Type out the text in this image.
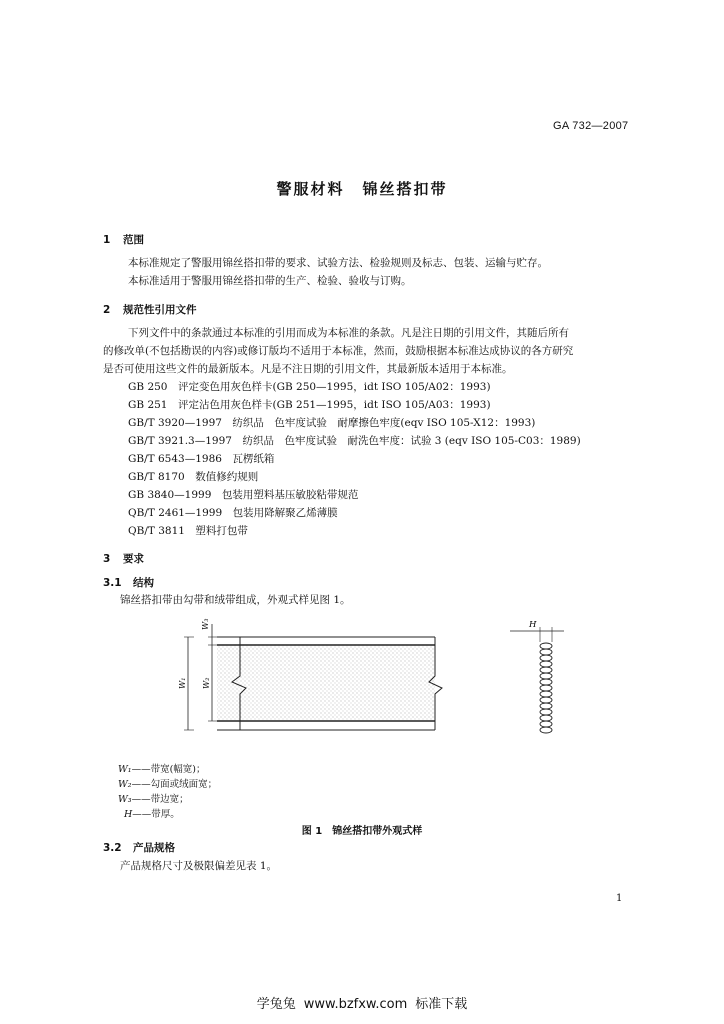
GA 732—2007
警服材料 锦丝搭扣带
1 范围
本标准规定了警服用锦丝搭扣带的要求、试验方法、检验规则及标志、包装、运输与贮存。
本标准适用于警服用锦丝搭扣带的生产、检验、验收与订购。
2 规范性引用文件
下列文件中的条款通过本标准的引用而成为本标准的条款。凡是注日期的引用文件，其随后所有
的修改单(不包括勘误的内容)或修订版均不适用于本标准，然而，鼓励根据本标准达成协议的各方研究
是否可使用这些文件的最新版本。凡是不注日期的引用文件，其最新版本适用于本标准。
GB 250　评定变色用灰色样卡(GB 250—1995，idt ISO 105/A02：1993)
GB 251　评定沾色用灰色样卡(GB 251—1995，idt ISO 105/A03：1993)
GB/T 3920—1997　纺织品　色牢度试验　耐摩擦色牢度(eqv ISO 105-X12：1993)
GB/T 3921.3—1997　纺织品　色牢度试验　耐洗色牢度：试验 3 (eqv ISO 105-C03：1989)
GB/T 6543—1986　瓦楞纸箱
GB/T 8170　数值修约规则
GB 3840—1999　包装用塑料基压敏胶粘带规范
QB/T 2461—1999　包装用降解聚乙烯薄膜
QB/T 3811　塑料打包带
3 要求
3.1 结构
锦丝搭扣带由勾带和绒带组成，外观式样见图 1。
W₃
W₂
W₁
H
W₁——带宽(幅宽)；
W₂——勾面或绒面宽；
W₃——带边宽；
H——带厚。
图 1 锦丝搭扣带外观式样
3.2 产品规格
产品规格尺寸及极限偏差见表 1。
1
学兔兔 www.bzfxw.com 标准下载
